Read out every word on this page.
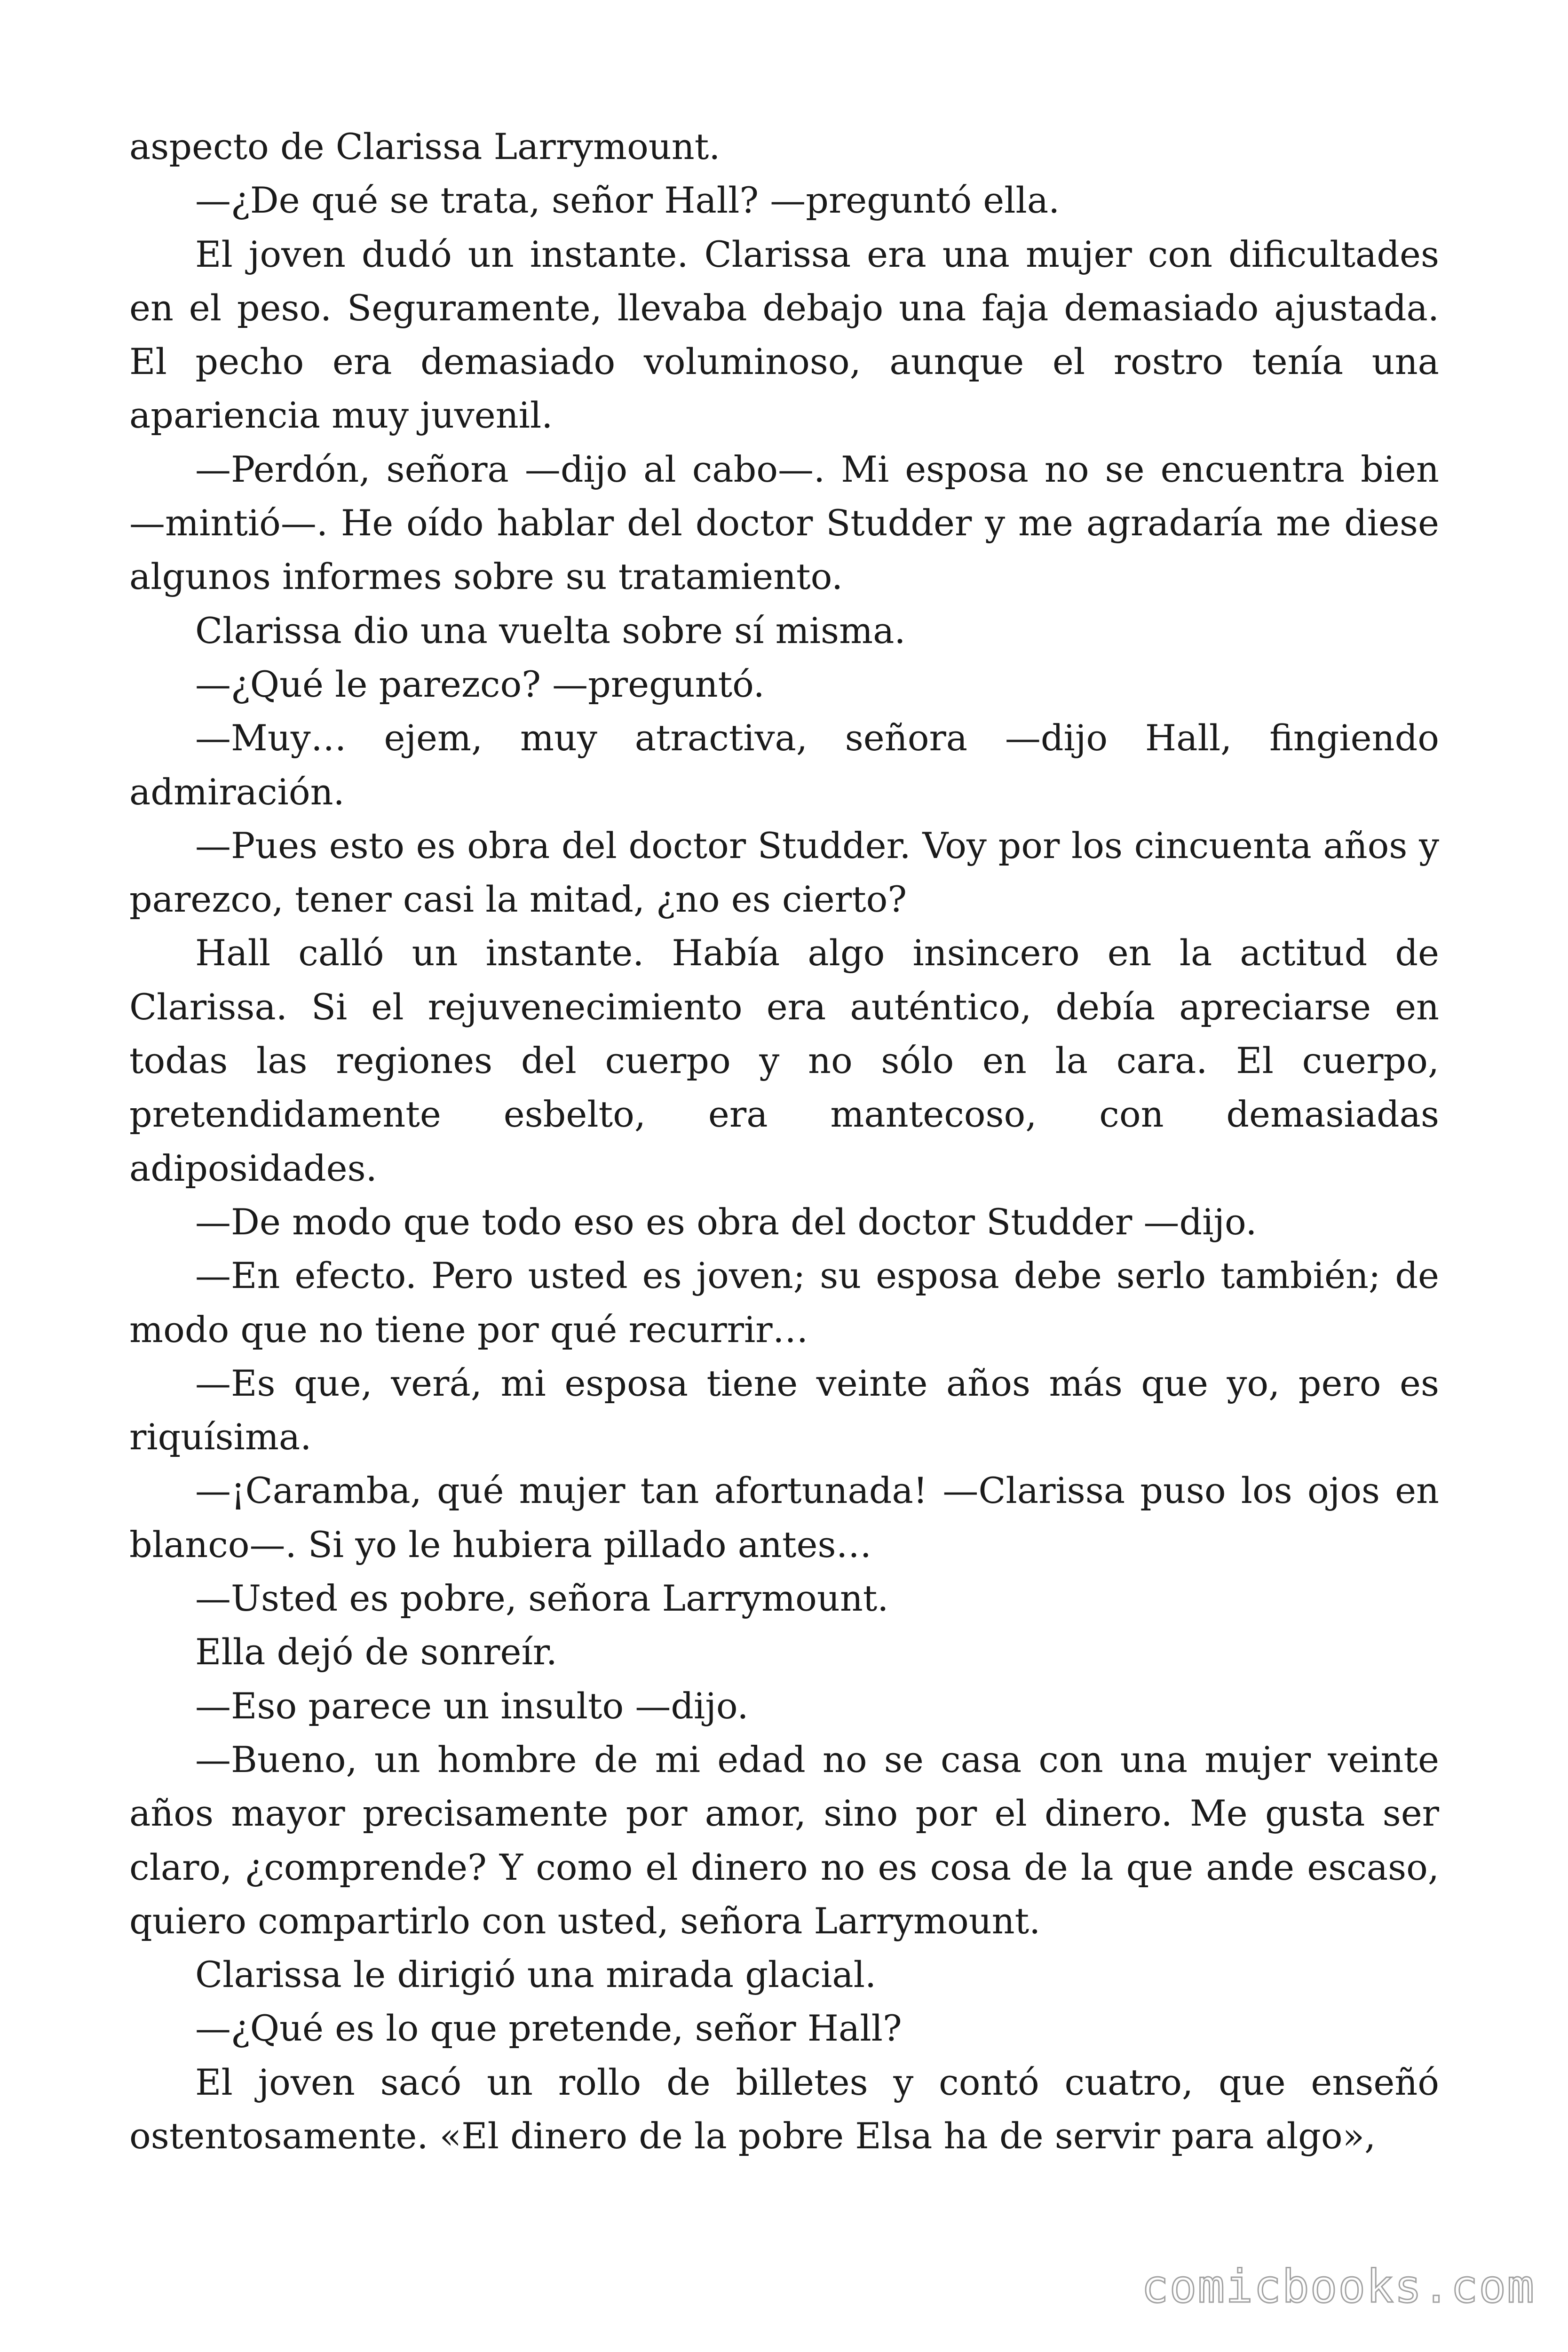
aspecto de Clarissa Larrymount.

—¿De qué se trata, señor Hall? —preguntó ella.

El joven dudó un instante. Clarissa era una mujer con dificultades en el peso. Seguramente, llevaba debajo una faja demasiado ajustada. El pecho era demasiado voluminoso, aunque el rostro tenía una apariencia muy juvenil.

—Perdón, señora —dijo al cabo—. Mi esposa no se encuentra bien —mintió—. He oído hablar del doctor Studder y me agradaría me diese algunos informes sobre su tratamiento.

Clarissa dio una vuelta sobre sí misma.

—¿Qué le parezco? —preguntó.

—Muy… ejem, muy atractiva, señora —dijo Hall, fingiendo admiración.

—Pues esto es obra del doctor Studder. Voy por los cincuenta años y parezco, tener casi la mitad, ¿no es cierto?

Hall calló un instante. Había algo insincero en la actitud de Clarissa. Si el rejuvenecimiento era auténtico, debía apreciarse en todas las regiones del cuerpo y no sólo en la cara. El cuerpo, pretendidamente esbelto, era mantecoso, con demasiadas adiposidades.

—De modo que todo eso es obra del doctor Studder —dijo.

—En efecto. Pero usted es joven; su esposa debe serlo también; de modo que no tiene por qué recurrir…

—Es que, verá, mi esposa tiene veinte años más que yo, pero es riquísima.

—¡Caramba, qué mujer tan afortunada! —Clarissa puso los ojos en blanco—. Si yo le hubiera pillado antes…

—Usted es pobre, señora Larrymount.

Ella dejó de sonreír.

—Eso parece un insulto —dijo.

—Bueno, un hombre de mi edad no se casa con una mujer veinte años mayor precisamente por amor, sino por el dinero. Me gusta ser claro, ¿comprende? Y como el dinero no es cosa de la que ande escaso, quiero compartirlo con usted, señora Larrymount.

Clarissa le dirigió una mirada glacial.

—¿Qué es lo que pretende, señor Hall?

El joven sacó un rollo de billetes y contó cuatro, que enseñó ostentosamente. «El dinero de la pobre Elsa ha de servir para algo»,

comicbooks.com
